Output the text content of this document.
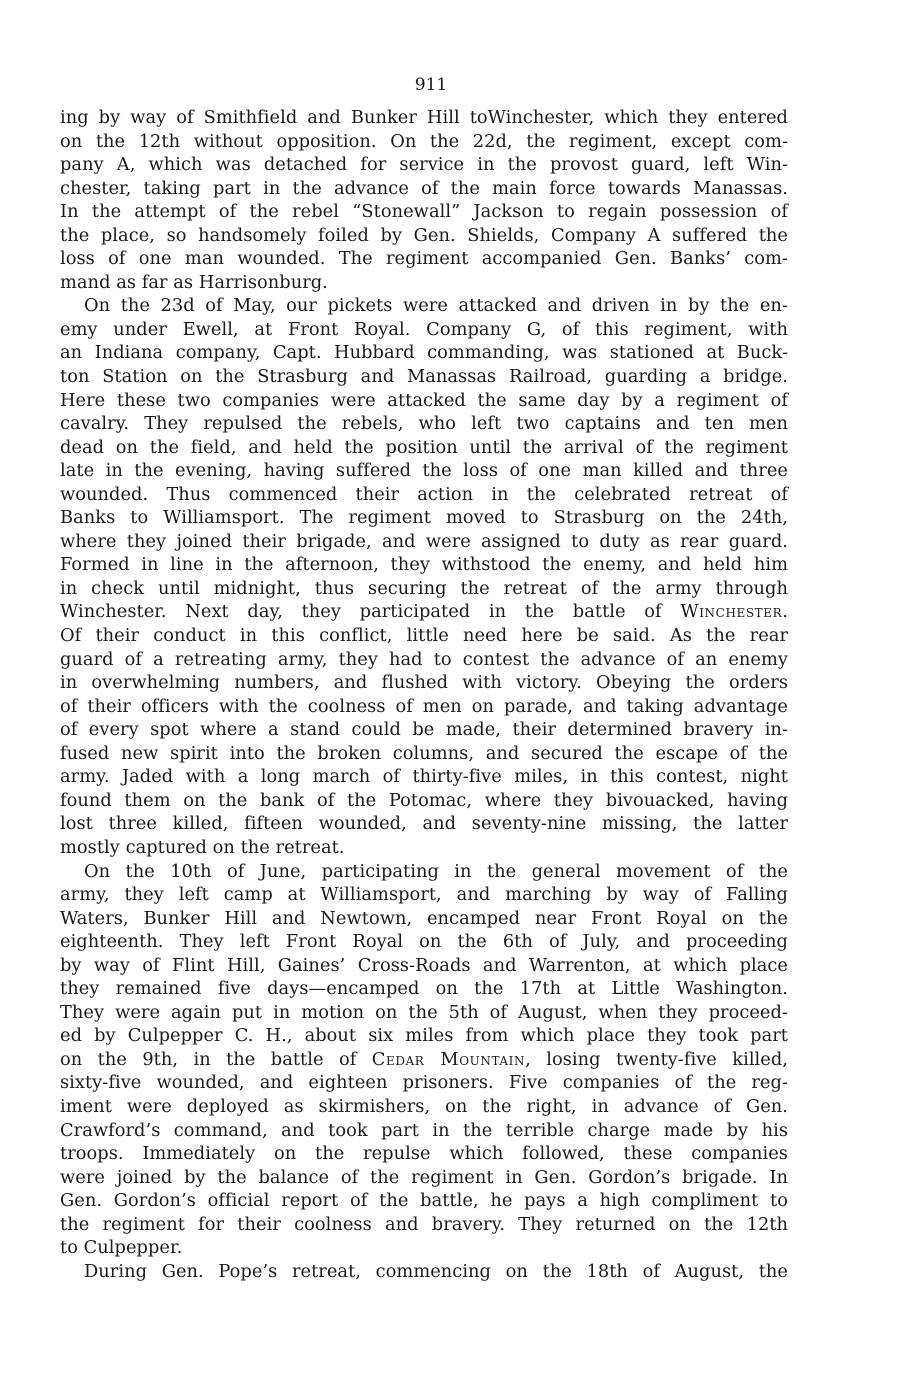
911
ing by way of Smithfield and Bunker Hill toWinchester, which they entered
on the 12th without opposition. On the 22d, the regiment, except com-
pany A, which was detached for service in the provost guard, left Win-
chester, taking part in the advance of the main force towards Manassas.
In the attempt of the rebel “Stonewall” Jackson to regain possession of
the place, so handsomely foiled by Gen. Shields, Company A suffered the
loss of one man wounded. The regiment accompanied Gen. Banks’ com-
mand as far as Harrisonburg.
On the 23d of May, our pickets were attacked and driven in by the en-
emy under Ewell, at Front Royal. Company G, of this regiment, with
an Indiana company, Capt. Hubbard commanding, was stationed at Buck-
ton Station on the Strasburg and Manassas Railroad, guarding a bridge.
Here these two companies were attacked the same day by a regiment of
cavalry. They repulsed the rebels, who left two captains and ten men
dead on the field, and held the position until the arrival of the regiment
late in the evening, having suffered the loss of one man killed and three
wounded. Thus commenced their action in the celebrated retreat of
Banks to Williamsport. The regiment moved to Strasburg on the 24th,
where they joined their brigade, and were assigned to duty as rear guard.
Formed in line in the afternoon, they withstood the enemy, and held him
in check until midnight, thus securing the retreat of the army through
Winchester. Next day, they participated in the battle of Winchester.
Of their conduct in this conflict, little need here be said. As the rear
guard of a retreating army, they had to contest the advance of an enemy
in overwhelming numbers, and flushed with victory. Obeying the orders
of their officers with the coolness of men on parade, and taking advantage
of every spot where a stand could be made, their determined bravery in-
fused new spirit into the broken columns, and secured the escape of the
army. Jaded with a long march of thirty-five miles, in this contest, night
found them on the bank of the Potomac, where they bivouacked, having
lost three killed, fifteen wounded, and seventy-nine missing, the latter
mostly captured on the retreat.
On the 10th of June, participating in the general movement of the
army, they left camp at Williamsport, and marching by way of Falling
Waters, Bunker Hill and Newtown, encamped near Front Royal on the
eighteenth. They left Front Royal on the 6th of July, and proceeding
by way of Flint Hill, Gaines’ Cross-Roads and Warrenton, at which place
they remained five days—encamped on the 17th at Little Washington.
They were again put in motion on the 5th of August, when they proceed-
ed by Culpepper C. H., about six miles from which place they took part
on the 9th, in the battle of Cedar Mountain, losing twenty-five killed,
sixty-five wounded, and eighteen prisoners. Five companies of the reg-
iment were deployed as skirmishers, on the right, in advance of Gen.
Crawford’s command, and took part in the terrible charge made by his
troops. Immediately on the repulse which followed, these companies
were joined by the balance of the regiment in Gen. Gordon’s brigade. In
Gen. Gordon’s official report of the battle, he pays a high compliment to
the regiment for their coolness and bravery. They returned on the 12th
to Culpepper.
During Gen. Pope’s retreat, commencing on the 18th of August, the
